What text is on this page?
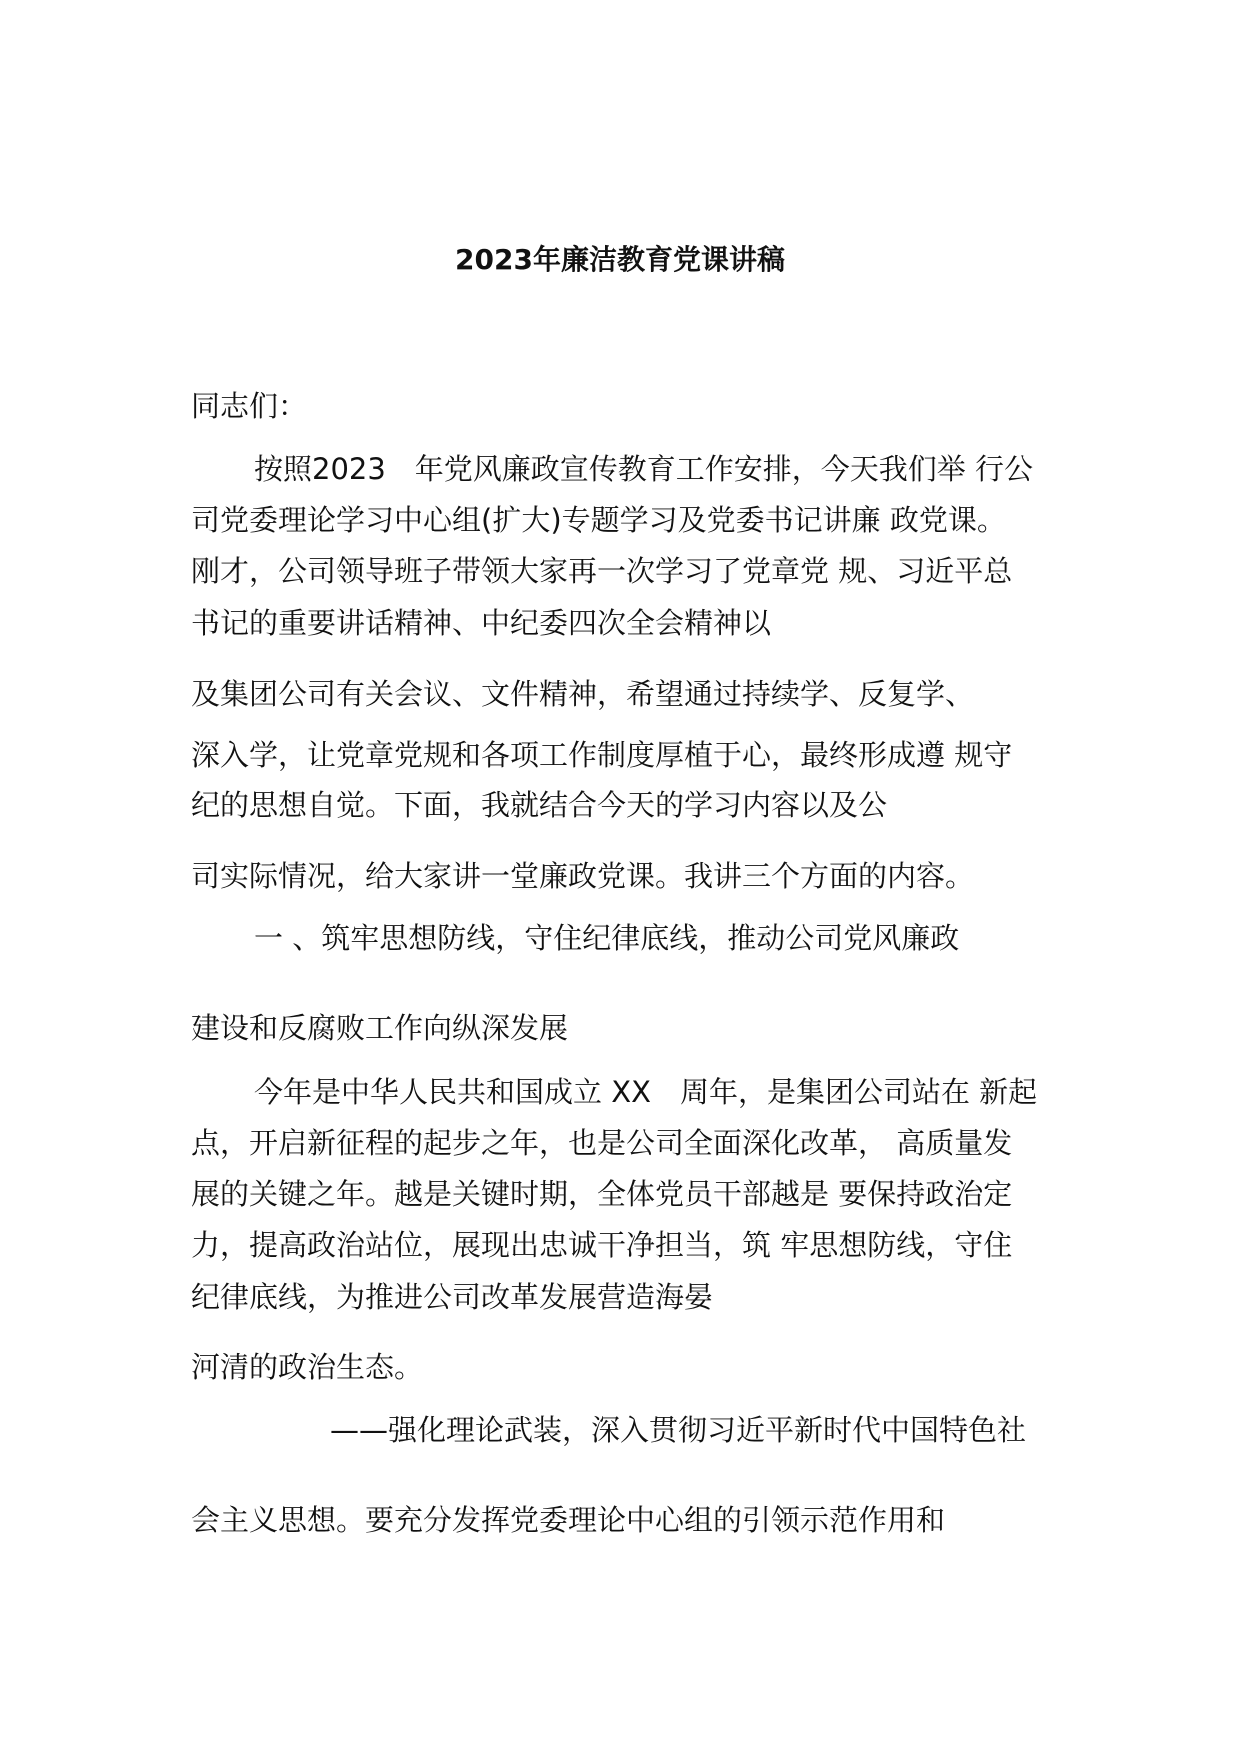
2023年廉洁教育党课讲稿
同志们：
按照2023　年党风廉政宣传教育工作安排，今天我们举 行公
司党委理论学习中心组(扩大)专题学习及党委书记讲廉 政党课。
刚才，公司领导班子带领大家再一次学习了党章党 规、习近平总
书记的重要讲话精神、中纪委四次全会精神以
及集团公司有关会议、文件精神，希望通过持续学、反复学、
深入学，让党章党规和各项工作制度厚植于心，最终形成遵 规守
纪的思想自觉。下面，我就结合今天的学习内容以及公
司实际情况，给大家讲一堂廉政党课。我讲三个方面的内容。
一 、筑牢思想防线，守住纪律底线，推动公司党风廉政
建设和反腐败工作向纵深发展
今年是中华人民共和国成立 XX　周年，是集团公司站在 新起
点，开启新征程的起步之年，也是公司全面深化改革， 高质量发
展的关键之年。越是关键时期，全体党员干部越是 要保持政治定
力，提高政治站位，展现出忠诚干净担当，筑 牢思想防线，守住
纪律底线，为推进公司改革发展营造海晏
河清的政治生态。
——强化理论武装，深入贯彻习近平新时代中国特色社
会主义思想。要充分发挥党委理论中心组的引领示范作用和
